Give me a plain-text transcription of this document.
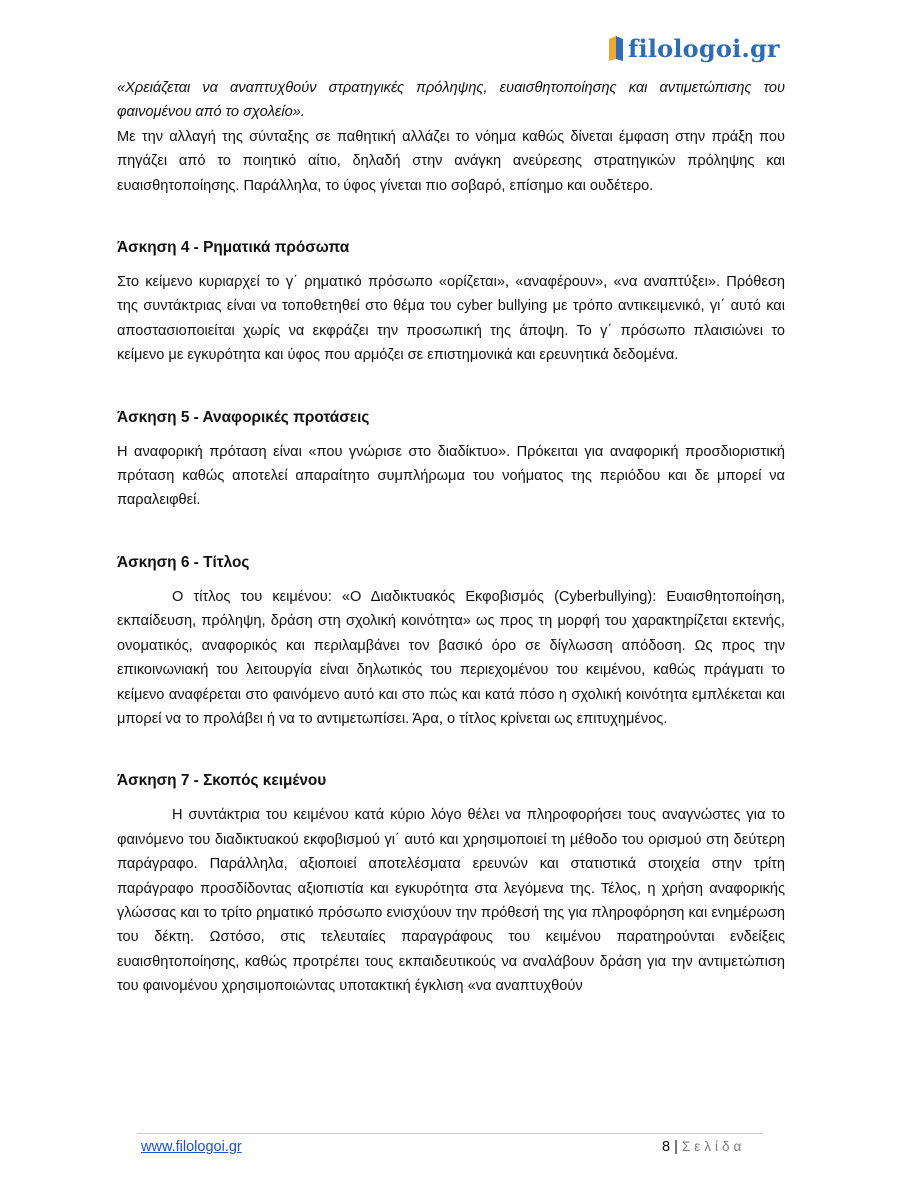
filologoi.gr

«Χρειάζεται να αναπτυχθούν στρατηγικές πρόληψης, ευαισθητοποίησης και αντιμετώπισης του φαινομένου από το σχολείο».

Με την αλλαγή της σύνταξης σε παθητική αλλάζει το νόημα καθώς δίνεται έμφαση στην πράξη που πηγάζει από το ποιητικό αίτιο, δηλαδή στην ανάγκη ανεύρεσης στρατηγικών πρόληψης και ευαισθητοποίησης. Παράλληλα, το ύφος γίνεται πιο σοβαρό, επίσημο και ουδέτερο.

Άσκηση 4 - Ρηματικά πρόσωπα

Στο κείμενο κυριαρχεί το γ΄ ρηματικό πρόσωπο «ορίζεται», «αναφέρουν», «να αναπτύξει». Πρόθεση της συντάκτριας είναι να τοποθετηθεί στο θέμα του cyber bullying με τρόπο αντικειμενικό, γι΄ αυτό και αποστασιοποιείται χωρίς να εκφράζει την προσωπική της άποψη. Το γ΄ πρόσωπο πλαισιώνει το κείμενο με εγκυρότητα και ύφος που αρμόζει σε επιστημονικά και ερευνητικά δεδομένα.

Άσκηση 5 - Αναφορικές προτάσεις

Η αναφορική πρόταση είναι «που γνώρισε στο διαδίκτυο». Πρόκειται για αναφορική προσδιοριστική πρόταση καθώς αποτελεί απαραίτητο συμπλήρωμα του νοήματος της περιόδου και δε μπορεί να παραλειφθεί.

Άσκηση 6 - Τίτλος

Ο τίτλος του κειμένου: «Ο Διαδικτυακός Εκφοβισμός (Cyberbullying): Ευαισθητοποίηση, εκπαίδευση, πρόληψη, δράση στη σχολική κοινότητα» ως προς τη μορφή του χαρακτηρίζεται εκτενής, ονοματικός, αναφορικός και περιλαμβάνει τον βασικό όρο σε δίγλωσση απόδοση. Ως προς την επικοινωνιακή του λειτουργία είναι δηλωτικός του περιεχομένου του κειμένου, καθώς πράγματι το κείμενο αναφέρεται στο φαινόμενο αυτό και στο πώς και κατά πόσο η σχολική κοινότητα εμπλέκεται και μπορεί να το προλάβει ή να το αντιμετωπίσει. Άρα, ο τίτλος κρίνεται ως επιτυχημένος.

Άσκηση 7 - Σκοπός κειμένου

Η συντάκτρια του κειμένου κατά κύριο λόγο θέλει να πληροφορήσει τους αναγνώστες για το φαινόμενο του διαδικτυακού εκφοβισμού γι΄ αυτό και χρησιμοποιεί τη μέθοδο του ορισμού στη δεύτερη παράγραφο. Παράλληλα, αξιοποιεί αποτελέσματα ερευνών και στατιστικά στοιχεία στην τρίτη παράγραφο προσδίδοντας αξιοπιστία και εγκυρότητα στα λεγόμενα της. Τέλος, η χρήση αναφορικής γλώσσας και το τρίτο ρηματικό πρόσωπο ενισχύουν την πρόθεσή της για πληροφόρηση και ενημέρωση του δέκτη. Ωστόσο, στις τελευταίες παραγράφους του κειμένου παρατηρούνται ενδείξεις ευαισθητοποίησης, καθώς προτρέπει τους εκπαιδευτικούς να αναλάβουν δράση για την αντιμετώπιση του φαινομένου χρησιμοποιώντας υποτακτική έγκλιση «να αναπτυχθούν

www.filologoi.gr	8 | Σελίδα
